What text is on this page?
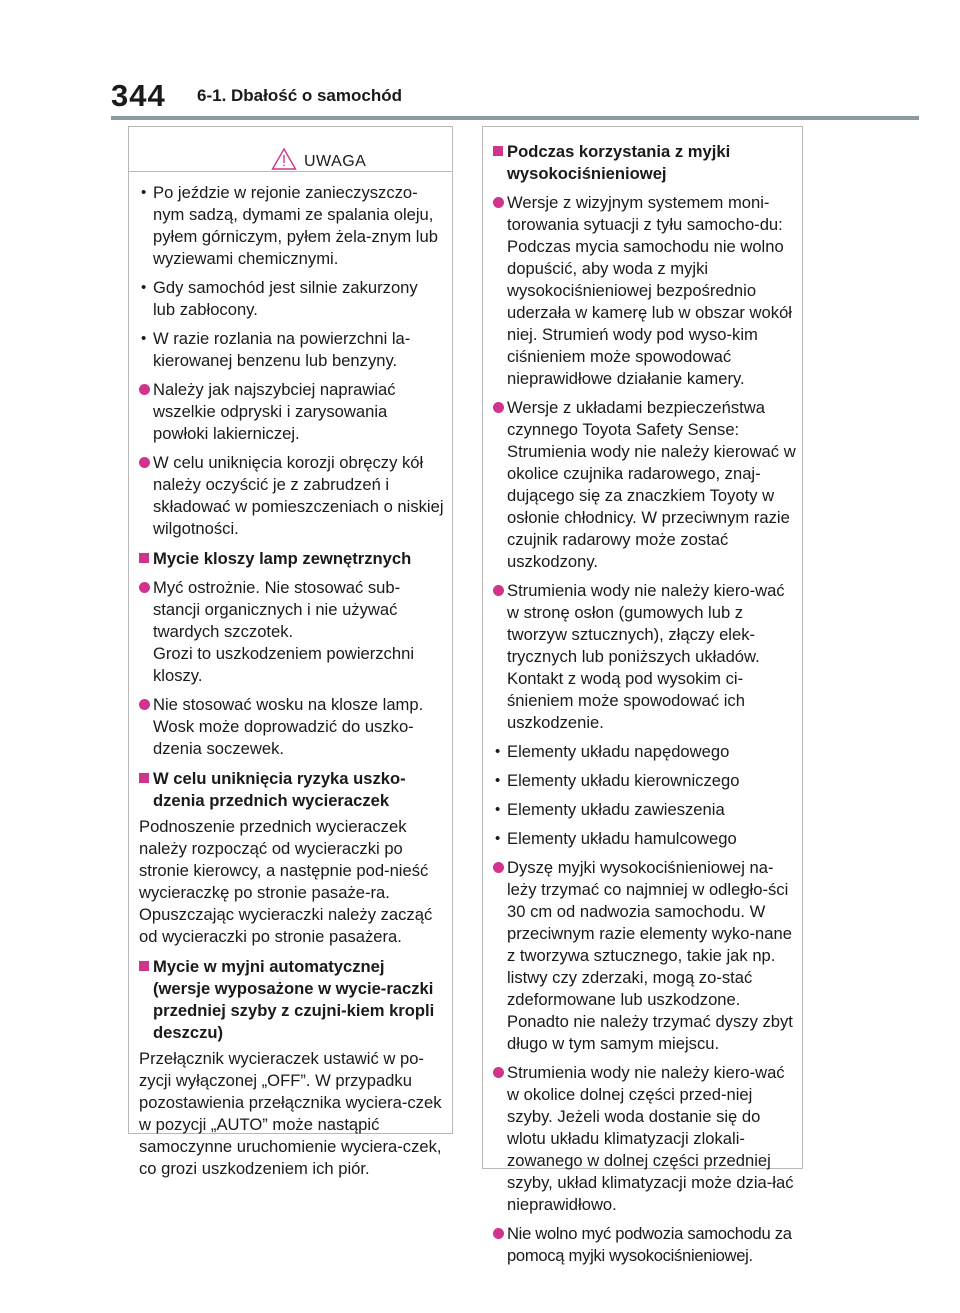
344 6-1. Dbałość o samochód
UWAGA
• Po jeździe w rejonie zanieczyszczo-nym sadzą, dymami ze spalania oleju, pyłem górniczym, pyłem żela-znym lub wyziewami chemicznymi.
• Gdy samochód jest silnie zakurzony lub zabłocony.
• W razie rozlania na powierzchni la-kierowanej benzenu lub benzyny.
Należy jak najszybciej naprawiać wszelkie odpryski i zarysowania powłoki lakierniczej.
W celu uniknięcia korozji obręczy kół należy oczyścić je z zabrudzeń i składować w pomieszczeniach o niskiej wilgotności.
Mycie kloszy lamp zewnętrznych
Myć ostrożnie. Nie stosować sub-stancji organicznych i nie używać twardych szczotek.
Grozi to uszkodzeniem powierzchni kloszy.
Nie stosować wosku na klosze lamp.
Wosk może doprowadzić do uszko-dzenia soczewek.
W celu uniknięcia ryzyka uszko-dzenia przednich wycieraczek
Podnoszenie przednich wycieraczek należy rozpocząć od wycieraczki po stronie kierowcy, a następnie pod-nieść wycieraczkę po stronie pasaże-ra. Opuszczając wycieraczki należy zacząć od wycieraczki po stronie pasażera.
Mycie w myjni automatycznej (wersje wyposażone w wycie-raczki przedniej szyby z czujni-kiem kropli deszczu)
Przełącznik wycieraczek ustawić w po-zycji wyłączonej „OFF”. W przypadku pozostawienia przełącznika wyciera-czek w pozycji „AUTO” może nastąpić samoczynne uruchomienie wyciera-czek, co grozi uszkodzeniem ich piór.
Podczas korzystania z myjki wysokociśnieniowej
Wersje z wizyjnym systemem moni-torowania sytuacji z tyłu samocho-du: Podczas mycia samochodu nie wolno dopuścić, aby woda z myjki wysokociśnieniowej bezpośrednio uderzała w kamerę lub w obszar wokół niej. Strumień wody pod wyso-kim ciśnieniem może spowodować nieprawidłowe działanie kamery.
Wersje z układami bezpieczeństwa czynnego Toyota Safety Sense: Strumienia wody nie należy kierować w okolice czujnika radarowego, znaj-dującego się za znaczkiem Toyoty w osłonie chłodnicy. W przeciwnym razie czujnik radarowy może zostać uszkodzony.
Strumienia wody nie należy kiero-wać w stronę osłon (gumowych lub z tworzyw sztucznych), złączy elek-trycznych lub poniższych układów. Kontakt z wodą pod wysokim ci-śnieniem może spowodować ich uszkodzenie.
• Elementy układu napędowego
• Elementy układu kierowniczego
• Elementy układu zawieszenia
• Elementy układu hamulcowego
Dyszę myjki wysokociśnieniowej na-leży trzymać co najmniej w odległo-ści 30 cm od nadwozia samochodu. W przeciwnym razie elementy wyko-nane z tworzywa sztucznego, takie jak np. listwy czy zderzaki, mogą zo-stać zdeformowane lub uszkodzone. Ponadto nie należy trzymać dyszy zbyt długo w tym samym miejscu.
Strumienia wody nie należy kiero-wać w okolice dolnej części przed-niej szyby. Jeżeli woda dostanie się do wlotu układu klimatyzacji zlokali-zowanego w dolnej części przedniej szyby, układ klimatyzacji może dzia-łać nieprawidłowo.
Nie wolno myć podwozia samochodu za pomocą myjki wysokociśnieniowej.
